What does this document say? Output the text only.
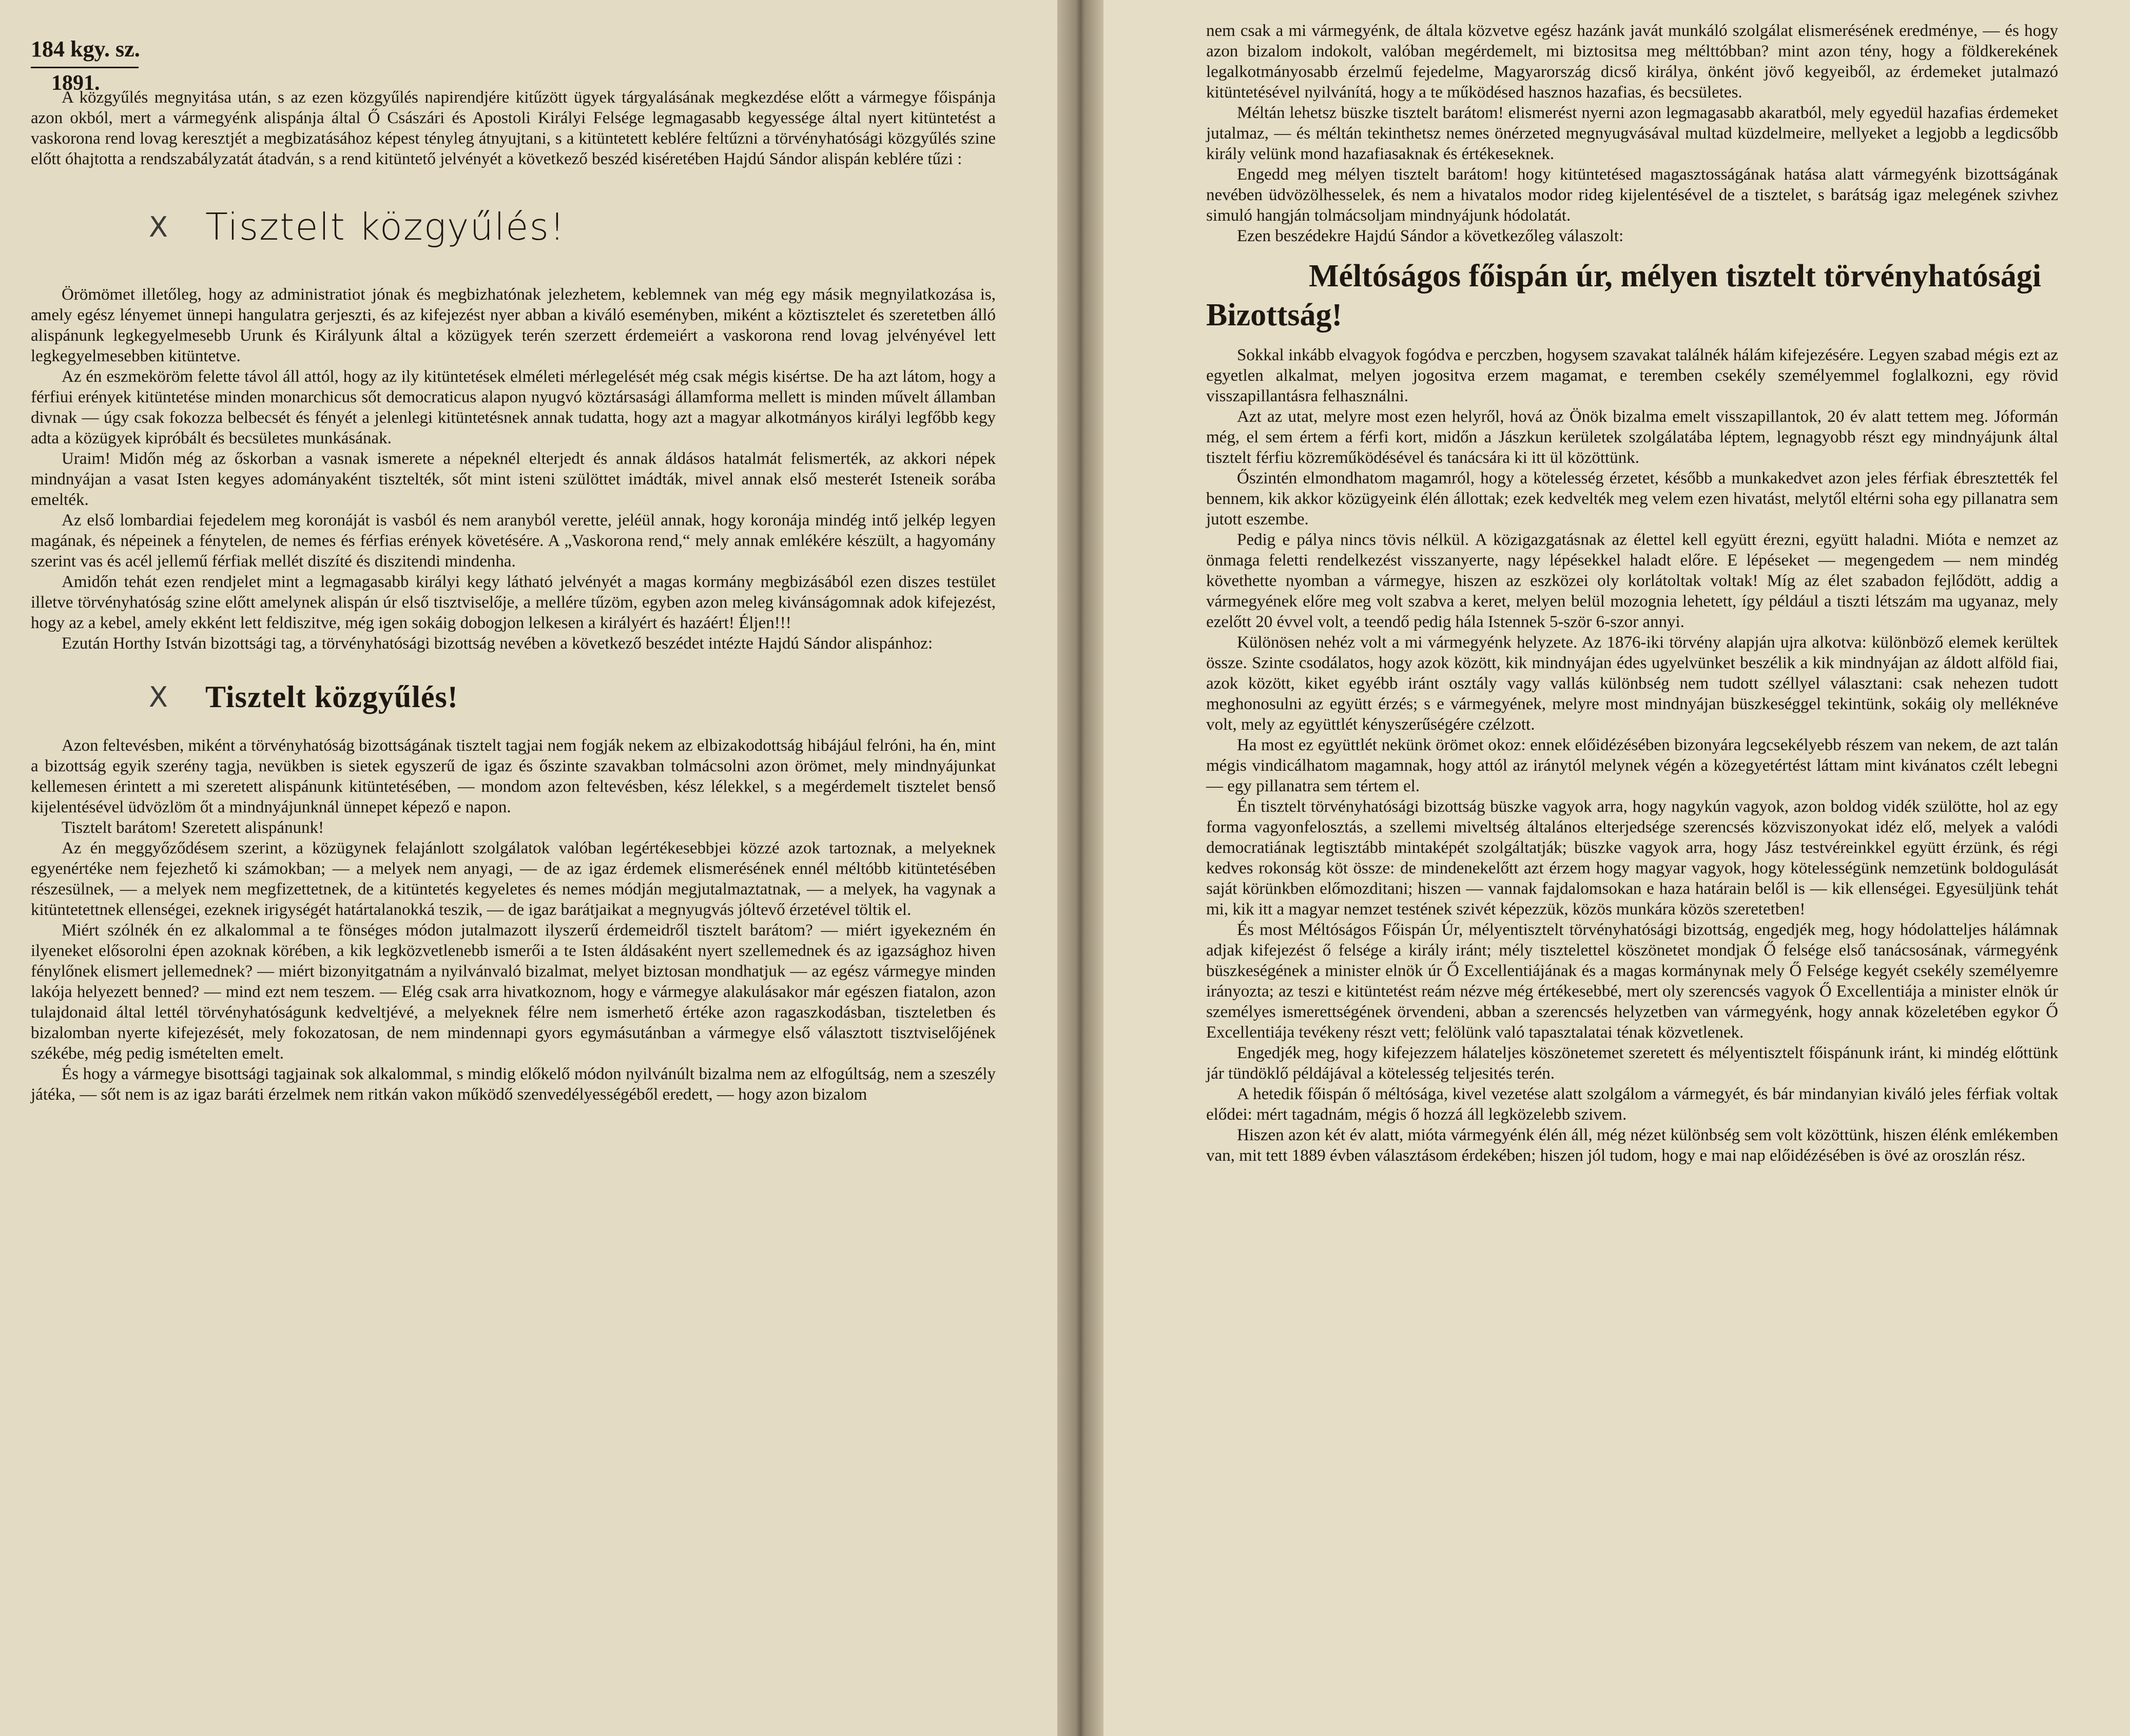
184 kgy. sz.
1891.

A közgyűlés megnyitása után, s az ezen közgyűlés napirendjére kitűzött ügyek tárgyalásának megkezdése előtt a vármegye főispánja azon okból, mert a vármegyénk alispánja által Ő Császári és Apostoli Királyi Felsége legmagasabb kegyessége által nyert kitüntetést a vaskorona rend lovag keresztjét a megbizatásához képest tényleg átnyujtani, s a kitüntetett keblére feltűzni a törvényhatósági közgyűlés szine előtt óhajtotta a rendszabályzatát átadván, s a rend kitüntető jelvényét a következő beszéd kiséretében Hajdú Sándor alispán keblére tűzi :

X	Tisztelt közgyűlés!

Örömömet illetőleg, hogy az administratiot jónak és megbizhatónak jelezhetem, keblemnek van még egy másik megnyilatkozása is, amely egész lényemet ünnepi hangulatra gerjeszti, és az kifejezést nyer abban a kiváló eseményben, miként a köztisztelet és szeretetben álló alispánunk legkegyelmesebb Urunk és Királyunk által a közügyek terén szerzett érdemeiért a vaskorona rend lovag jelvényével lett legkegyelmesebben kitüntetve.

Az én eszmeköröm felette távol áll attól, hogy az ily kitüntetések elméleti mérlegelését még csak mégis kisértse. De ha azt látom, hogy a férfiui erények kitüntetése minden monarchicus sőt democraticus alapon nyugvó köztársasági államforma mellett is minden művelt államban divnak — úgy csak fokozza belbecsét és fényét a jelenlegi kitüntetésnek annak tudatta, hogy azt a magyar alkotmányos királyi legfőbb kegy adta a közügyek kipróbált és becsületes munkásának.

Uraim! Midőn még az őskorban a vasnak ismerete a népeknél elterjedt és annak áldásos hatalmát felismerték, az akkori népek mindnyájan a vasat Isten kegyes adományaként tisztelték, sőt mint isteni szülöttet imádták, mivel annak első mesterét Isteneik sorába emelték.

Az első lombardiai fejedelem meg koronáját is vasból és nem aranyból verette, jeléül annak, hogy koronája mindég intő jelkép legyen magának, és népeinek a fénytelen, de nemes és férfias erények követésére. A „Vaskorona rend,“ mely annak emlékére készült, a hagyomány szerint vas és acél jellemű férfiak mellét diszíté és diszitendi mindenha.

Amidőn tehát ezen rendjelet mint a legmagasabb királyi kegy látható jelvényét a magas kormány megbizásából ezen diszes testület illetve törvényhatóság szine előtt amelynek alispán úr első tisztviselője, a mellére tűzöm, egyben azon meleg kivánságomnak adok kifejezést, hogy az a kebel, amely ekként lett feldiszitve, még igen sokáig dobogjon lelkesen a királyért és hazáért! Éljen!!!

Ezután Horthy István bizottsági tag, a törvényhatósági bizottság nevében a következő beszédet intézte Hajdú Sándor alispánhoz:

X	Tisztelt közgyűlés!

Azon feltevésben, miként a törvényhatóság bizottságának tisztelt tagjai nem fogják nekem az elbizakodottság hibájául felróni, ha én, mint a bizottság egyik szerény tagja, nevükben is sietek egyszerű de igaz és őszinte szavakban tolmácsolni azon örömet, mely mindnyájunkat kellemesen érintett a mi szeretett alispánunk kitüntetésében, — mondom azon feltevésben, kész lélekkel, s a megérdemelt tisztelet benső kijelentésével üdvözlöm őt a mindnyájunknál ünnepet képező e napon.

Tisztelt barátom! Szeretett alispánunk!

Az én meggyőződésem szerint, a közügynek felajánlott szolgálatok valóban legértékesebbjei közzé azok tartoznak, a melyeknek egyenértéke nem fejezhető ki számokban; — a melyek nem anyagi, — de az igaz érdemek elismerésének ennél méltóbb kitüntetésében részesülnek, — a melyek nem megfizettetnek, de a kitüntetés kegyeletes és nemes módján megjutalmaztatnak, — a melyek, ha vagynak a kitüntetettnek ellenségei, ezeknek irigységét határtalanokká teszik, — de igaz barátjaikat a megnyugvás jóltevő érzetével töltik el.

Miért szólnék én ez alkalommal a te fönséges módon jutalmazott ilyszerű érdemeidről tisztelt barátom? — miért igyekezném én ilyeneket elősorolni épen azoknak körében, a kik legközvetlenebb ismerői a te Isten áldásaként nyert szellemednek és az igazsághoz hiven fénylőnek elismert jellemednek? — miért bizonyitgatnám a nyilvánvaló bizalmat, melyet biztosan mondhatjuk — az egész vármegye minden lakója helyezett benned? — mind ezt nem teszem. — Elég csak arra hivatkoznom, hogy e vármegye alakulásakor már egészen fiatalon, azon tulajdonaid által lettél törvényhatóságunk kedveltjévé, a melyeknek félre nem ismerhető értéke azon ragaszkodásban, tiszteletben és bizalomban nyerte kifejezését, mely fokozatosan, de nem mindennapi gyors egymásutánban a vármegye első választott tisztviselőjének székébe, még pedig ismételten emelt.

És hogy a vármegye bisottsági tagjainak sok alkalommal, s mindig előkelő módon nyilvánúlt bizalma nem az elfogúltság, nem a szeszély játéka, — sőt nem is az igaz baráti érzelmek nem ritkán vakon működő szenvedélyességéből eredett, — hogy azon bizalom

nem csak a mi vármegyénk, de általa közvetve egész hazánk javát munkáló szolgálat elismerésének eredménye, — és hogy azon bizalom indokolt, valóban megérdemelt, mi biztositsa meg mélttóbban? mint azon tény, hogy a földkerekének legalkotmányosabb érzelmű fejedelme, Magyarország dicső királya, önként jövő kegyeiből, az érdemeket jutalmazó kitüntetésével nyilvánítá, hogy a te működésed hasznos hazafias, és becsületes.

Méltán lehetsz büszke tisztelt barátom! elismerést nyerni azon legmagasabb akaratból, mely egyedül hazafias érdemeket jutalmaz, — és méltán tekinthetsz nemes önérzeted megnyugvásával multad küzdelmeire, mellyeket a legjobb a legdicsőbb király velünk mond hazafiasaknak és értékeseknek.

Engedd meg mélyen tisztelt barátom! hogy kitüntetésed magasztosságának hatása alatt vármegyénk bizottságának nevében üdvözölhesselek, és nem a hivatalos modor rideg kijelentésével de a tisztelet, s barátság igaz melegének szivhez simuló hangján tolmácsoljam mindnyájunk hódolatát.

Ezen beszédekre Hajdú Sándor a következőleg válaszolt:

Méltóságos főispán úr, mélyen tisztelt törvényhatósági Bizottság!

Sokkal inkább elvagyok fogódva e perczben, hogysem szavakat találnék hálám kifejezésére. Legyen szabad mégis ezt az egyetlen alkalmat, melyen jogositva erzem magamat, e teremben csekély személyemmel foglalkozni, egy rövid visszapillantásra felhasználni.

Azt az utat, melyre most ezen helyről, hová az Önök bizalma emelt visszapillantok, 20 év alatt tettem meg. Jóformán még, el sem értem a férfi kort, midőn a Jászkun kerületek szolgálatába léptem, legnagyobb részt egy mindnyájunk által tisztelt férfiu közreműködésével és tanácsára ki itt ül közöttünk.

Őszintén elmondhatom magamról, hogy a kötelesség érzetet, később a munkakedvet azon jeles férfiak ébresztették fel bennem, kik akkor közügyeink élén állottak; ezek kedvelték meg velem ezen hivatást, melytől eltérni soha egy pillanatra sem jutott eszembe.

Pedig e pálya nincs tövis nélkül. A közigazgatásnak az élettel kell együtt érezni, együtt haladni. Mióta e nemzet az önmaga feletti rendelkezést visszanyerte, nagy lépésekkel haladt előre. E lépéseket — megengedem — nem mindég követhette nyomban a vármegye, hiszen az eszközei oly korlátoltak voltak! Míg az élet szabadon fejlődött, addig a vármegyének előre meg volt szabva a keret, melyen belül mozognia lehetett, így például a tiszti létszám ma ugyanaz, mely ezelőtt 20 évvel volt, a teendő pedig hála Istennek 5-ször 6-szor annyi.

Különösen nehéz volt a mi vármegyénk helyzete. Az 1876-iki törvény alapján ujra alkotva: különböző elemek kerültek össze. Szinte csodálatos, hogy azok között, kik mindnyájan édes ugyelvünket beszélik a kik mindnyájan az áldott alföld fiai, azok között, kiket egyébb iránt osztály vagy vallás különbség nem tudott széllyel választani: csak nehezen tudott meghonosulni az együtt érzés; s e vármegyének, melyre most mindnyájan büszkeséggel tekintünk, sokáig oly melléknéve volt, mely az együttlét kényszerűségére czélzott.

Ha most ez együttlét nekünk örömet okoz: ennek előidézésében bizonyára legcsekélyebb részem van nekem, de azt talán mégis vindicálhatom magamnak, hogy attól az iránytól melynek végén a közegyetértést láttam mint kivánatos czélt lebegni — egy pillanatra sem tértem el.

Én tisztelt törvényhatósági bizottság büszke vagyok arra, hogy nagykún vagyok, azon boldog vidék szülötte, hol az egy forma vagyonfelosztás, a szellemi miveltség általános elterjedsége szerencsés közviszonyokat idéz elő, melyek a valódi democratiának legtisztább mintaképét szolgáltatják; büszke vagyok arra, hogy Jász testvéreinkkel együtt érzünk, és régi kedves rokonság köt össze: de mindenekelőtt azt érzem hogy magyar vagyok, hogy kötelességünk nemzetünk boldogulását saját körünkben előmozditani; hiszen — vannak fajdalomsokan e haza határain belől is — kik ellenségei. Egyesüljünk tehát mi, kik itt a magyar nemzet testének szivét képezzük, közös munkára közös szeretetben!

És most Méltóságos Főispán Úr, mélyentisztelt törvényhatósági bizottság, engedjék meg, hogy hódolatteljes hálámnak adjak kifejezést ő felsége a király iránt; mély tisztelettel köszönetet mondjak Ő felsége első tanácsosának, vármegyénk büszkeségének a minister elnök úr Ő Excellentiájának és a magas kormánynak mely Ő Felsége kegyét csekély személyemre irányozta; az teszi e kitüntetést reám nézve még értékesebbé, mert oly szerencsés vagyok Ő Excellentiája a minister elnök úr személyes ismerettségének örvendeni, abban a szerencsés helyzetben van vármegyénk, hogy annak közeletében egykor Ő Excellentiája tevékeny részt vett; felölünk való tapasztalatai ténak közvetlenek.

Engedjék meg, hogy kifejezzem hálateljes köszönetemet szeretett és mélyentisztelt főispánunk iránt, ki mindég előttünk jár tündöklő példájával a kötelesség teljesités terén.

A hetedik főispán ő méltósága, kivel vezetése alatt szolgálom a vármegyét, és bár mindanyian kiváló jeles férfiak voltak elődei: mért tagadnám, mégis ő hozzá áll legközelebb szivem.

Hiszen azon két év alatt, mióta vármegyénk élén áll, még nézet különbség sem volt közöttünk, hiszen élénk emlékemben van, mit tett 1889 évben választásom érdekében; hiszen jól tudom, hogy e mai nap előidézésében is övé az oroszlán rész.
